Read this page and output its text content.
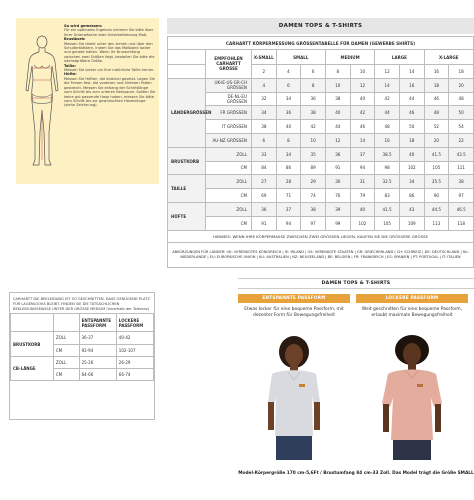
So wird gemessen:
Für ein optimales Ergebnis nehmen Sie bitte über Ihrer Unterwäsche oder Unterbekleidung Maß.
Brustkorb:
Messen Sie direkt unter den Armen und über den Schulterblättern, indem Sie das Maßband locker und gerade halten. Wenn Ihr Brustumfang zwischen zwei Größen liegt, bestellen Sie bitte die nächstgrößere Größe.
Taille:
Messen Sie locker um Ihre natürliche Taille herum.
Hüfte:
Messen Sie Hüften, die Knöchel gesetzt. Legen Sie die Fersen fest, die vorderen und hinteren Falten gestreckt. Messen Sie entlang der Schrittlänge vom Schritt bis zum unteren Beinsaum. Sollten Sie keine gut passende Hose haben, messen Sie bitte vom Schritt bis zur gewünschten Hosenlänge (siehe Zeichnung).
DAMEN TOPS & T-SHIRTS
CARHARTT KÖRPERMESSUNG GRÖSSENTABELLE FÜR DAMEN (GEWERBE SHIRTS)										
	EMPFOHLEN CARHARTT GRÖSSE	X-SMALL	SMALL		MEDIUM		LARGE		X-LARGE	
		2	4	6	8	10	12	14	16	18
LÄNDERGRÖSSEN	UK-IE-US-GR-CH GRÖSSEN	4	6	8	10	12	14	16	18	20
	DE-NL-EU GRÖSSEN	32	34	36	38	40	42	44	46	48
	FR GRÖSSEN	34	36	38	40	42	44	46	48	50
	IT GRÖSSEN	38	40	42	44	46	48	50	52	54
	AU-NZ GRÖSSEN	6	8	10	12	14	16	18	20	22
BRUSTKORB	ZOLL	33	34	35	36	37	38.5	40	41.5	43.5
	CM	84	86	89	91	94	98	102	105	111
TAILLE	ZOLL	27	28	29	30	31	32.5	34	35.5	38
	CM	69	71	74	76	79	83	86	90	97
HÜFTE	ZOLL	36	37	38	39	40	41.5	43	44.5	46.5
	CM	91	94	97	99	102	105	109	113	118
HINWEIS: WENN IHRE KÖRPERMASSE ZWISCHEN ZWEI GRÖSSEN LIEGEN, KAUFEN SIE DIE GRÖSSERE GRÖSSE										
ABKÜRZUNGEN FÜR LÄNDER: UK: VEREINIGTES KÖNIGREICH | IE: IRLAND | US: VEREINIGTE STAATEN | GR: GRIECHENLAND | CH: SCHWEIZ | DE: DEUTSCHLAND | NL: NIEDERLANDE | EU: EUROPÄISCHE UNION | AU: AUSTRALIEN | NZ: NEUSEELAND | BE: BELGIEN | FR: FRANKREICH | ES: SPANIEN | PT: PORTUGAL | IT: ITALIEN										
CARHARTT DIE BEKLEIDUNG IST SO GESCHNITTEN, DASS GENÜGEND PLATZ FÜR LAGENLOOKS BLEIBT. FINDEN SIE DIE TATSÄCHLICHEN BEKLEIDUNGSMASSE UNTER DER GRÖSSE MEDIUM (innerhalb der Toleranz)
		ENTSPANNTE PASSFORM	LOCKERE PASSFORM
BRUSTKORB	ZOLL	36-37	40-42
	CM	92-94	102-107
CB-LÄNGE	ZOLL	25-26	26-29
	CM	64-66	66-74
DAMEN TOPS & T-SHIRTS
ENTSPANNTE PASSFORM
Etwas locker für eine bequeme Passform, mit dezenter Form für Bewegungsfreiheit
LOCKERE PASSFORM
Weit geschnitten für eine bequeme Passform, erlaubt maximale Bewegungsfreiheit
Model-Körpergröße 170 cm-5,6Ft / Brustumfang 84 cm-33 Zoll. Das Model trägt die Größe SMALL
